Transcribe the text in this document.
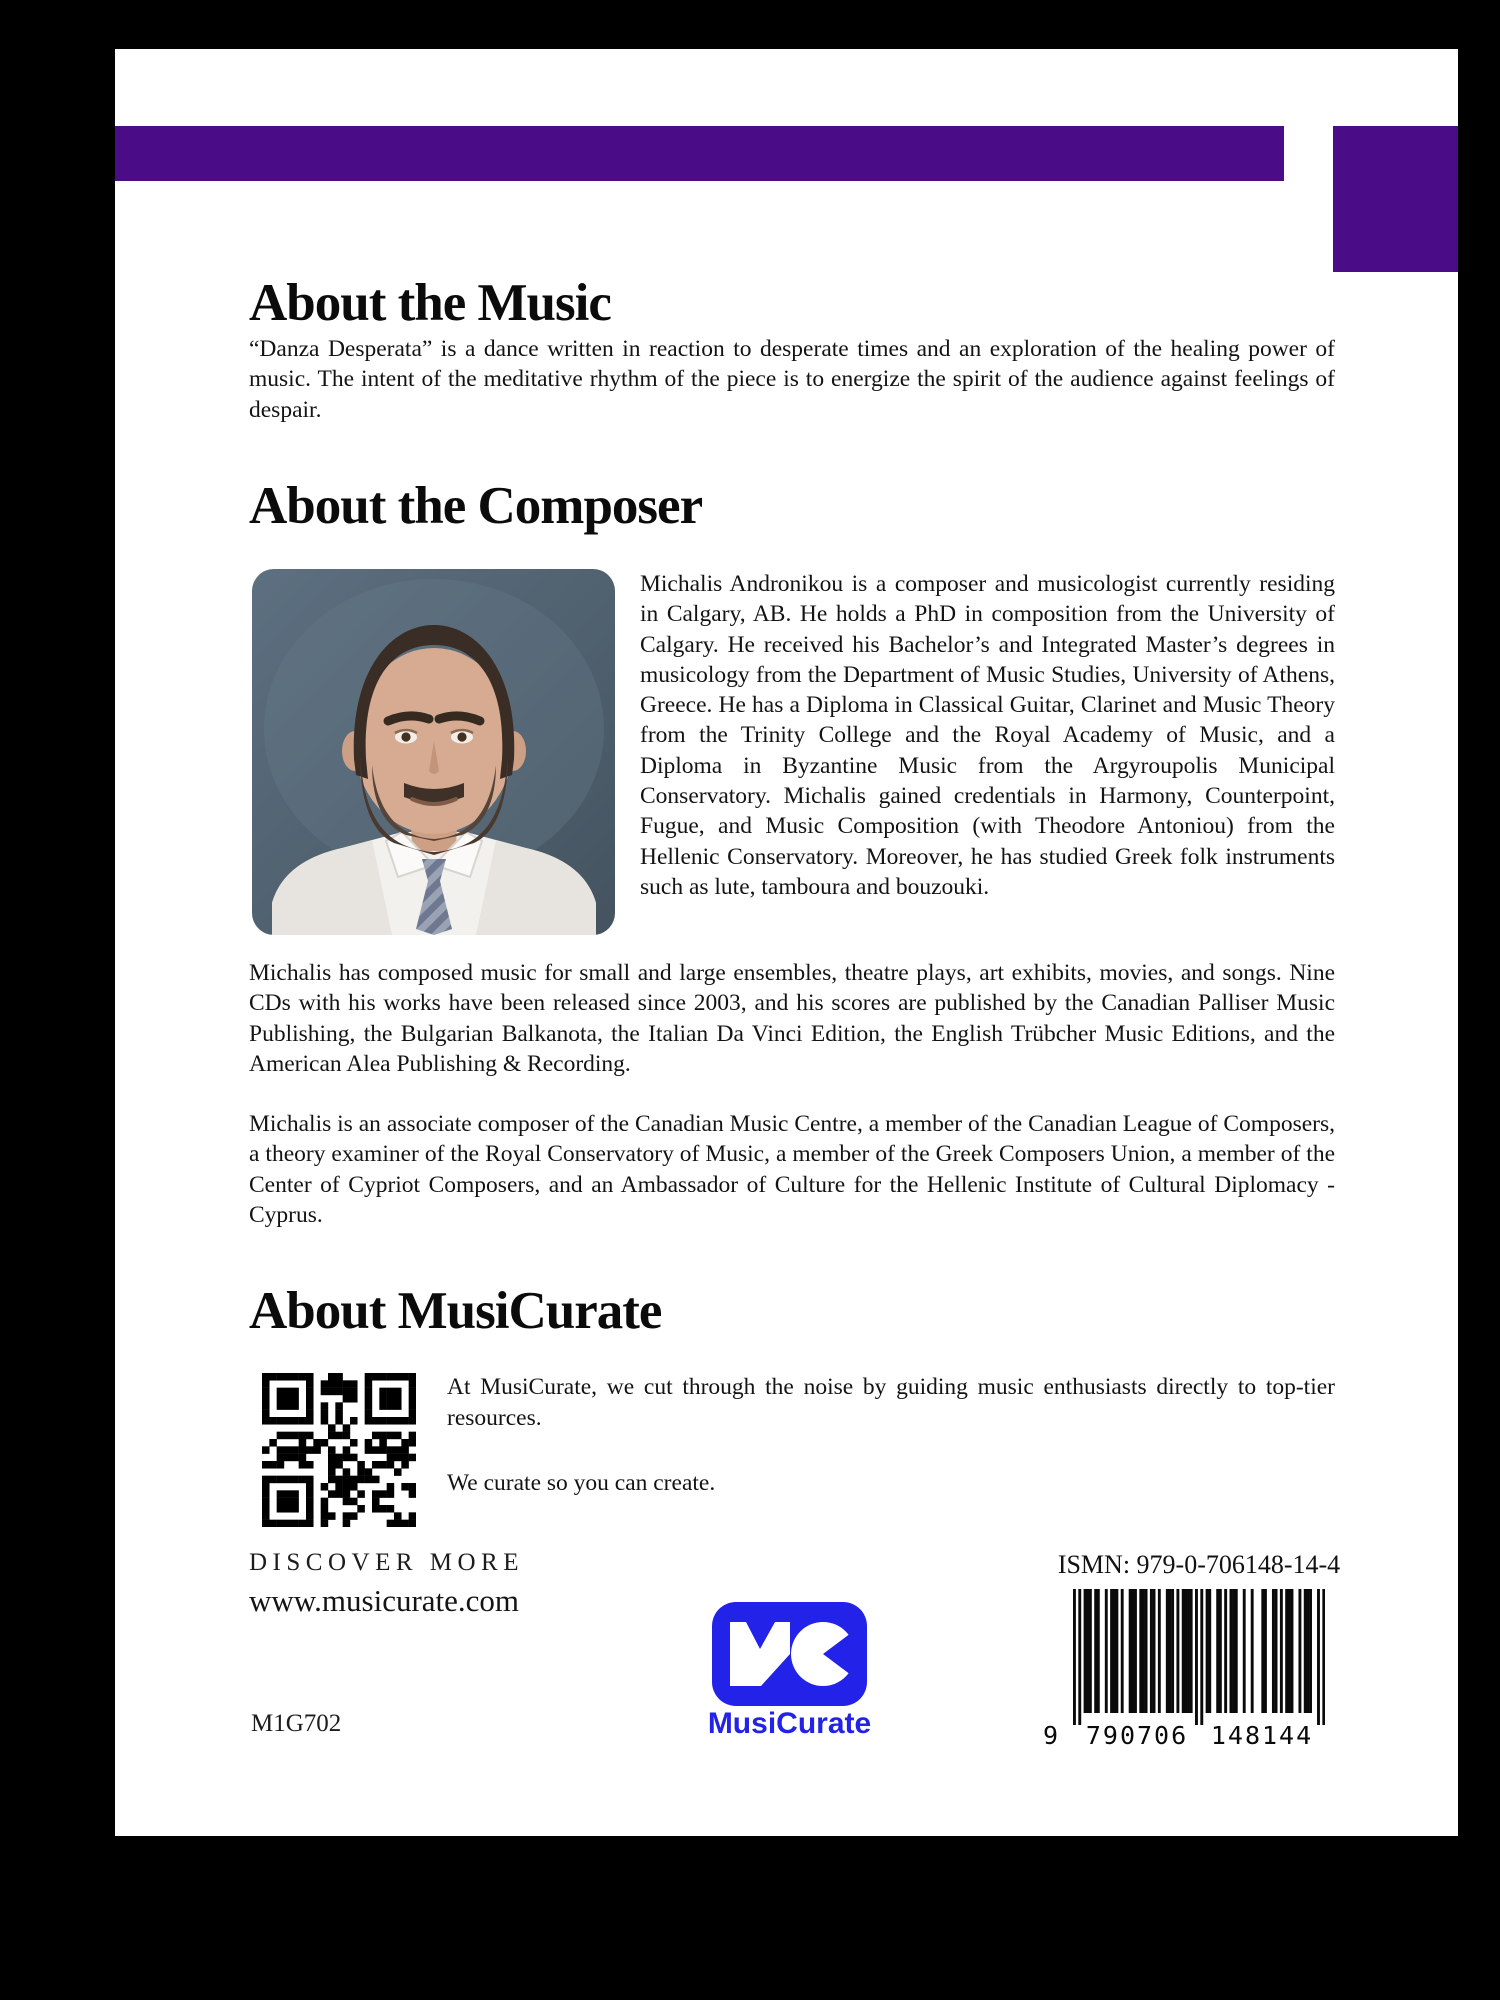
About the Music

“Danza Desperata” is a dance written in reaction to desperate times and an exploration of the healing power of music. The intent of the meditative rhythm of the piece is to energize the spirit of the audience against feelings of despair.

About the Composer

Michalis Andronikou is a composer and musicologist currently residing in Calgary, AB. He holds a PhD in composition from the University of Calgary. He received his Bachelor’s and Integrated Master’s degrees in musicology from the Department of Music Studies, University of Athens, Greece. He has a Diploma in Classical Guitar, Clarinet and Music Theory from the Trinity College and the Royal Academy of Music, and a Diploma in Byzantine Music from the Argyroupolis Municipal Conservatory. Michalis gained credentials in Harmony, Counterpoint, Fugue, and Music Composition (with Theodore Antoniou) from the Hellenic Conservatory. Moreover, he has studied Greek folk instruments such as lute, tamboura and bouzouki.

Michalis has composed music for small and large ensembles, theatre plays, art exhibits, movies, and songs. Nine CDs with his works have been released since 2003, and his scores are published by the Canadian Palliser Music Publishing, the Bulgarian Balkanota, the Italian Da Vinci Edition, the English Trübcher Music Editions, and the American Alea Publishing & Recording.

Michalis is an associate composer of the Canadian Music Centre, a member of the Canadian League of Composers, a theory examiner of the Royal Conservatory of Music, a member of the Greek Composers Union, a member of the Center of Cypriot Composers, and an Ambassador of Culture for the Hellenic Institute of Cultural Diplomacy - Cyprus.

About MusiCurate

At MusiCurate, we cut through the noise by guiding music enthusiasts directly to top-tier resources.

We curate so you can create.

DISCOVER MORE
www.musicurate.com
M1G702	MusiCurate
ISMN: 979-0-706148-14-4
9 790706 148144
